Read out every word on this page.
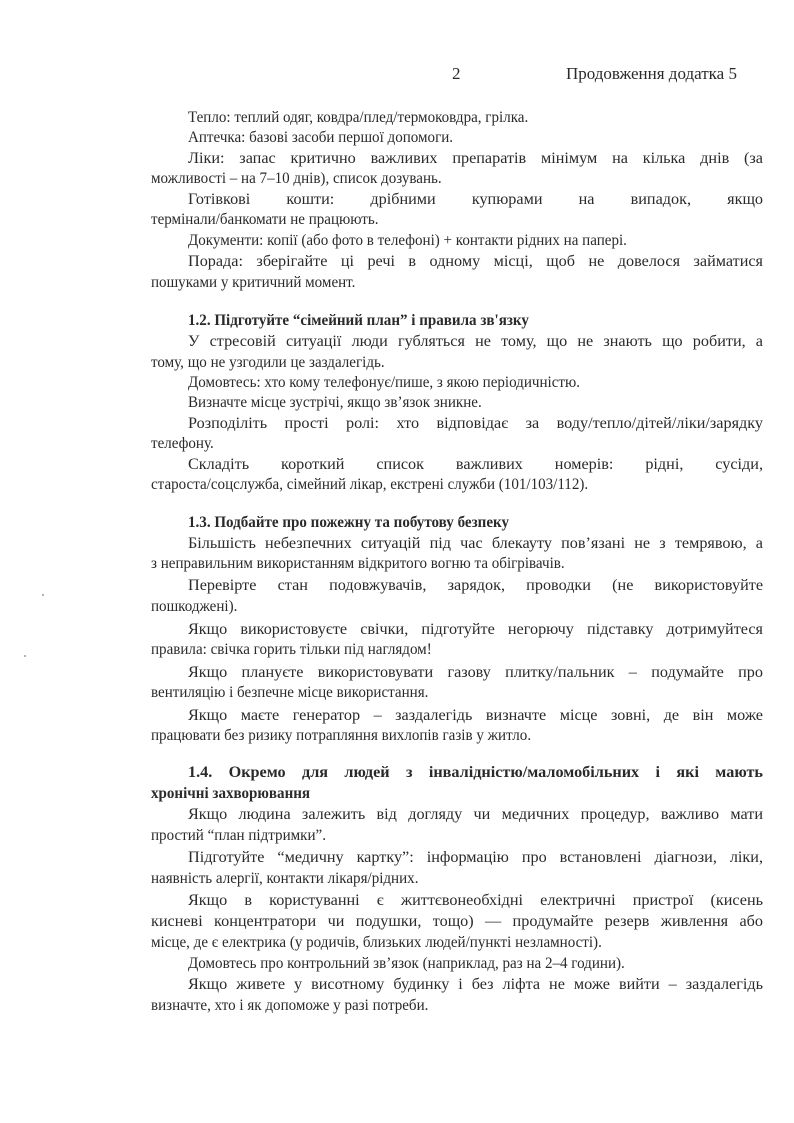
2	Продовження додатка 5
Тепло: теплий одяг, ковдра/плед/термоковдра, грілка.
Аптечка: базові засоби першої допомоги.
Ліки: запас критично важливих препаратів мінімум на кілька днів (за
можливості – на 7–10 днів), список дозувань.
Готівкові кошти: дрібними купюрами на випадок, якщо
термінали/банкомати не працюють.
Документи: копії (або фото в телефоні) + контакти рідних на папері.
Порада: зберігайте ці речі в одному місці, щоб не довелося займатися
пошуками у критичний момент.
1.2. Підготуйте “сімейний план” і правила зв'язку
У стресовій ситуації люди губляться не тому, що не знають що робити, а
тому, що не узгодили це заздалегідь.
Домовтесь: хто кому телефонує/пише, з якою періодичністю.
Визначте місце зустрічі, якщо зв’язок зникне.
Розподіліть прості ролі: хто відповідає за воду/тепло/дітей/ліки/зарядку
телефону.
Складіть короткий список важливих номерів: рідні, сусіди,
староста/соцслужба, сімейний лікар, екстрені служби (101/103/112).
1.3. Подбайте про пожежну та побутову безпеку
Більшість небезпечних ситуацій під час блекауту пов’язані не з темрявою, а
з неправильним використанням відкритого вогню та обігрівачів.
Перевірте стан подовжувачів, зарядок, проводки (не використовуйте
пошкоджені).
Якщо використовуєте свічки, підготуйте негорючу підставку дотримуйтеся
правила: свічка горить тільки під наглядом!
Якщо плануєте використовувати газову плитку/пальник – подумайте про
вентиляцію і безпечне місце використання.
Якщо маєте генератор – заздалегідь визначте місце зовні, де він може
працювати без ризику потрапляння вихлопів газів у житло.
1.4. Окремо для людей з інвалідністю/маломобільних і які мають
хронічні захворювання
Якщо людина залежить від догляду чи медичних процедур, важливо мати
простий “план підтримки”.
Підготуйте “медичну картку”: інформацію про встановлені діагнози, ліки,
наявність алергії, контакти лікаря/рідних.
Якщо в користуванні є життєвонеобхідні електричні пристрої (кисень
кисневі концентратори чи подушки, тощо) — продумайте резерв живлення або
місце, де є електрика (у родичів, близьких людей/пункті незламності).
Домовтесь про контрольний зв’язок (наприклад, раз на 2–4 години).
Якщо живете у висотному будинку і без ліфта не може вийти – заздалегідь
визначте, хто і як допоможе у разі потреби.
